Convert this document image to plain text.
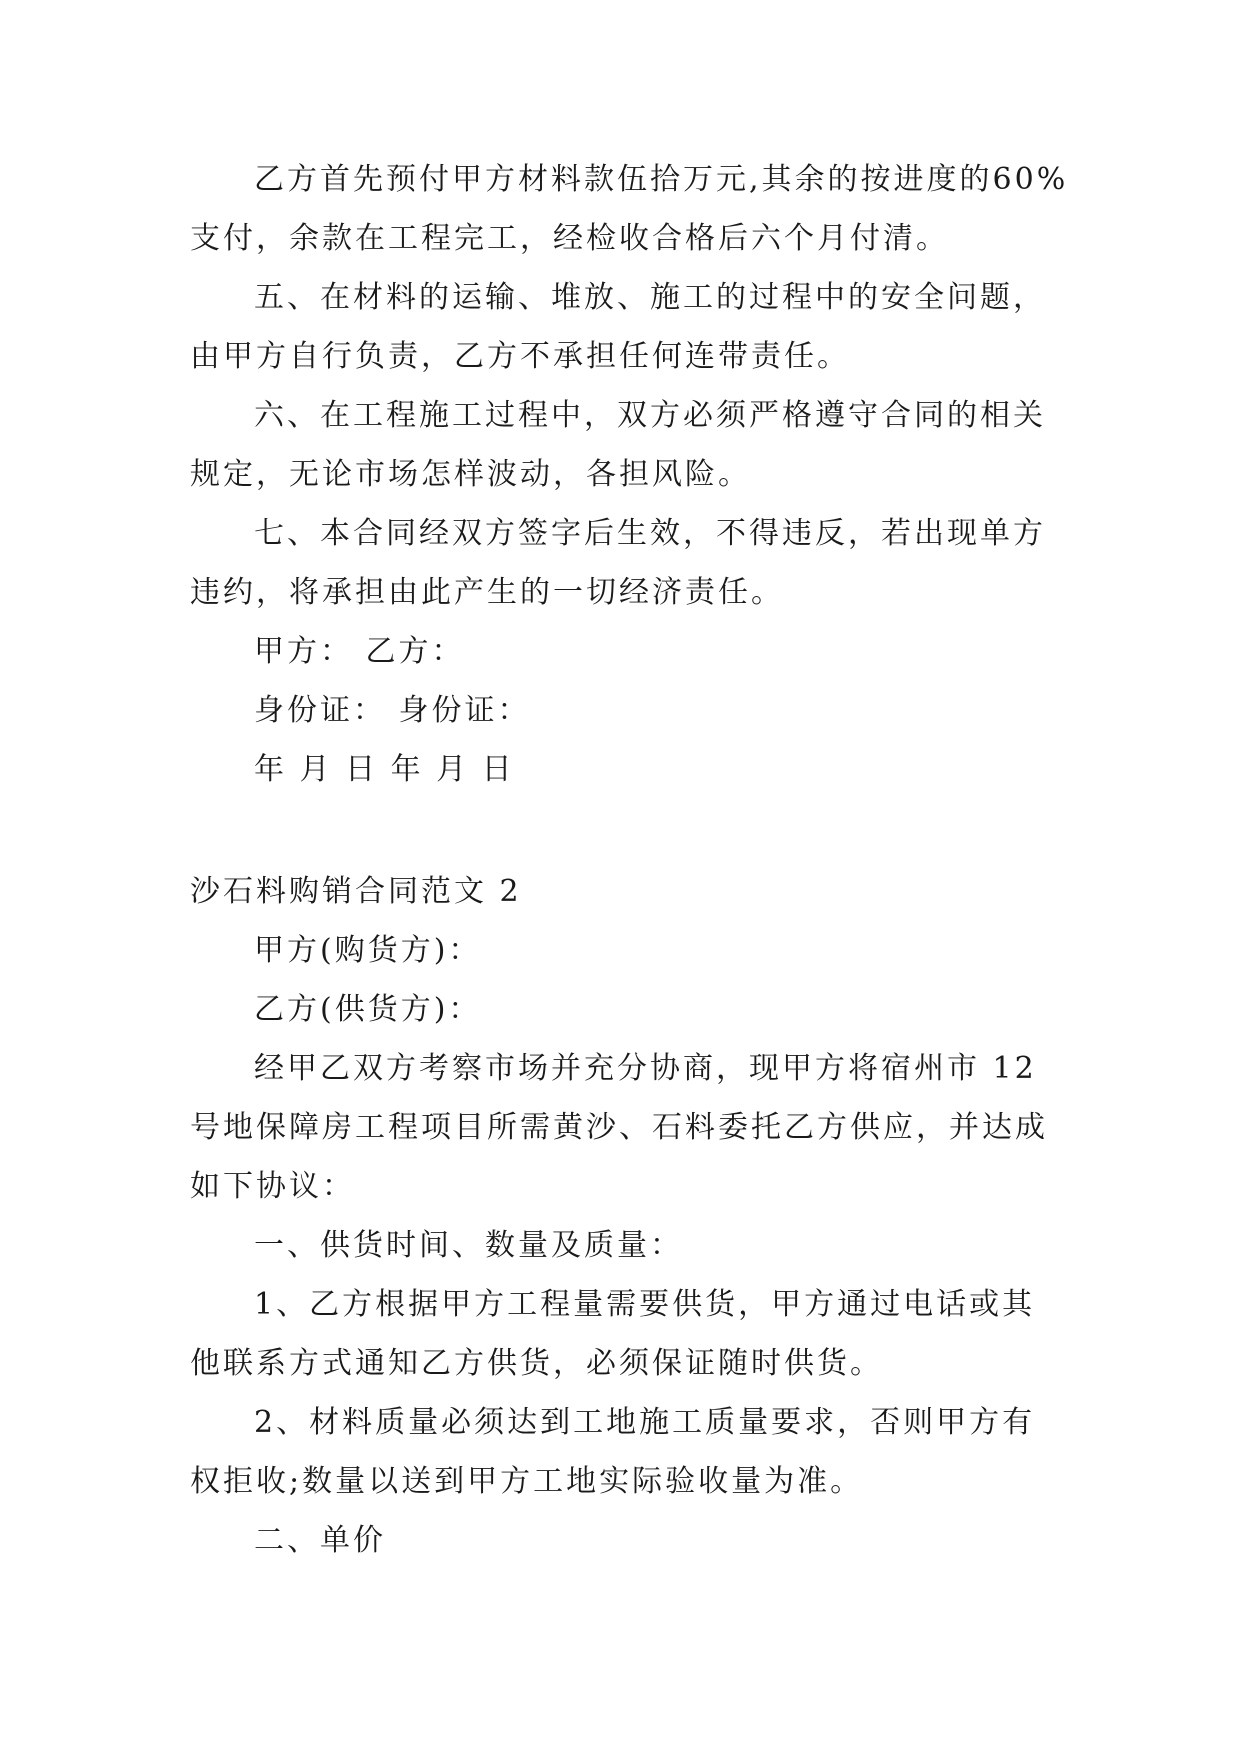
乙方首先预付甲方材料款伍拾万元,其余的按进度的60%

支付，余款在工程完工，经检收合格后六个月付清。

五、在材料的运输、堆放、施工的过程中的安全问题，

由甲方自行负责，乙方不承担任何连带责任。

六、在工程施工过程中，双方必须严格遵守合同的相关

规定，无论市场怎样波动，各担风险。

七、本合同经双方签字后生效，不得违反，若出现单方

违约，将承担由此产生的一切经济责任。

甲方： 乙方：

身份证： 身份证：

年 月 日 年 月 日

沙石料购销合同范文 2

甲方(购货方)：

乙方(供货方)：

经甲乙双方考察市场并充分协商，现甲方将宿州市 12

号地保障房工程项目所需黄沙、石料委托乙方供应，并达成

如下协议：

一、供货时间、数量及质量：

1、乙方根据甲方工程量需要供货，甲方通过电话或其

他联系方式通知乙方供货，必须保证随时供货。

2、材料质量必须达到工地施工质量要求，否则甲方有

权拒收;数量以送到甲方工地实际验收量为准。

二、单价
